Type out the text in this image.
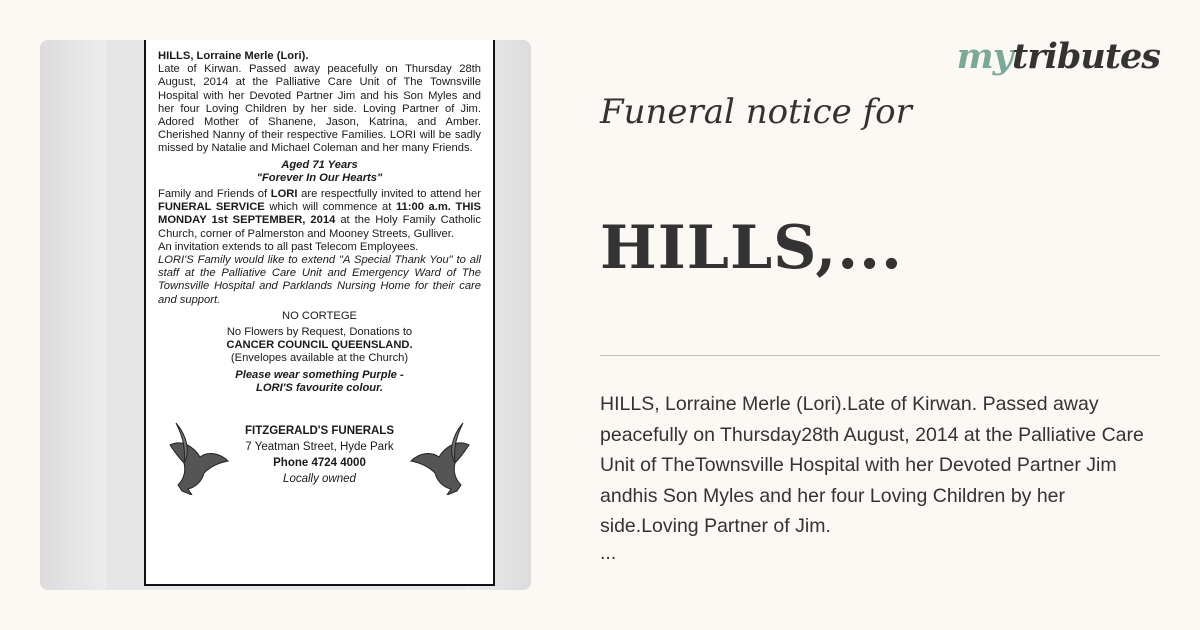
HILLS, Lorraine Merle (Lori).

Late of Kirwan. Passed away peacefully on Thursday 28th August, 2014 at the Palliative Care Unit of The Townsville Hospital with her Devoted Partner Jim and his Son Myles and her four Loving Children by her side. Loving Partner of Jim. Adored Mother of Shanene, Jason, Katrina, and Amber. Cherished Nanny of their respective Families. LORI will be sadly missed by Natalie and Michael Coleman and her many Friends.

Aged 71 Years

"Forever In Our Hearts"

Family and Friends of LORI are respectfully invited to attend her FUNERAL SERVICE which will commence at 11:00 a.m. THIS MONDAY 1st SEPTEMBER, 2014 at the Holy Family Catholic Church, corner of Palmerston and Mooney Streets, Gulliver.

An invitation extends to all past Telecom Employees.

LORI'S Family would like to extend "A Special Thank You" to all staff at the Palliative Care Unit and Emergency Ward of The Townsville Hospital and Parklands Nursing Home for their care and support.

NO CORTEGE

No Flowers by Request, Donations to

CANCER COUNCIL QUEENSLAND.

(Envelopes available at the Church)

Please wear something Purple -

LORI'S favourite colour.

FITZGERALD'S FUNERALS
7 Yeatman Street, Hyde Park
Phone 4724 4000
Locally owned
mytributes
Funeral notice for
HILLS,...
HILLS, Lorraine Merle (Lori).Late of Kirwan. Passed away peacefully on Thursday28th August, 2014 at the Palliative Care Unit of TheTownsville Hospital with her Devoted Partner Jim andhis Son Myles and her four Loving Children by her side.Loving Partner of Jim.
...
